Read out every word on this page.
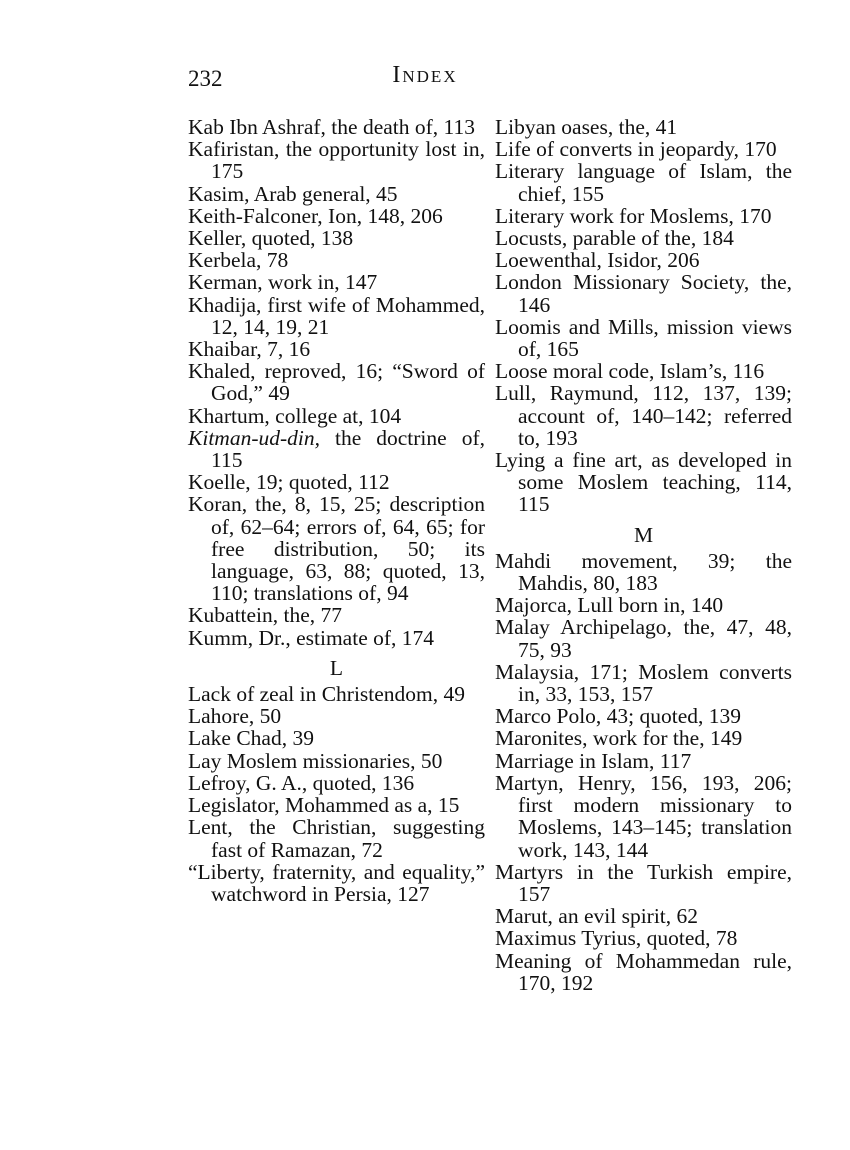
232	Index
Kab Ibn Ashraf, the death of, 113
Kafiristan, the opportunity lost in, 175
Kasim, Arab general, 45
Keith-Falconer, Ion, 148, 206
Keller, quoted, 138
Kerbela, 78
Kerman, work in, 147
Khadija, first wife of Mohammed, 12, 14, 19, 21
Khaibar, 7, 16
Khaled, reproved, 16; “Sword of God,” 49
Khartum, college at, 104
Kitman-ud-din, the doctrine of, 115
Koelle, 19; quoted, 112
Koran, the, 8, 15, 25; description of, 62–64; errors of, 64, 65; for free distribution, 50; its language, 63, 88; quoted, 13, 110; translations of, 94
Kubattein, the, 77
Kumm, Dr., estimate of, 174
L
Lack of zeal in Christendom, 49
Lahore, 50
Lake Chad, 39
Lay Moslem missionaries, 50
Lefroy, G. A., quoted, 136
Legislator, Mohammed as a, 15
Lent, the Christian, suggesting fast of Ramazan, 72
“Liberty, fraternity, and equality,” watchword in Persia, 127
Libyan oases, the, 41
Life of converts in jeopardy, 170
Literary language of Islam, the chief, 155
Literary work for Moslems, 170
Locusts, parable of the, 184
Loewenthal, Isidor, 206
London Missionary Society, the, 146
Loomis and Mills, mission views of, 165
Loose moral code, Islam’s, 116
Lull, Raymund, 112, 137, 139; account of, 140–142; referred to, 193
Lying a fine art, as developed in some Moslem teaching, 114, 115
M
Mahdi movement, 39; the Mahdis, 80, 183
Majorca, Lull born in, 140
Malay Archipelago, the, 47, 48, 75, 93
Malaysia, 171; Moslem converts in, 33, 153, 157
Marco Polo, 43; quoted, 139
Maronites, work for the, 149
Marriage in Islam, 117
Martyn, Henry, 156, 193, 206; first modern missionary to Moslems, 143–145; translation work, 143, 144
Martyrs in the Turkish empire, 157
Marut, an evil spirit, 62
Maximus Tyrius, quoted, 78
Meaning of Mohammedan rule, 170, 192
